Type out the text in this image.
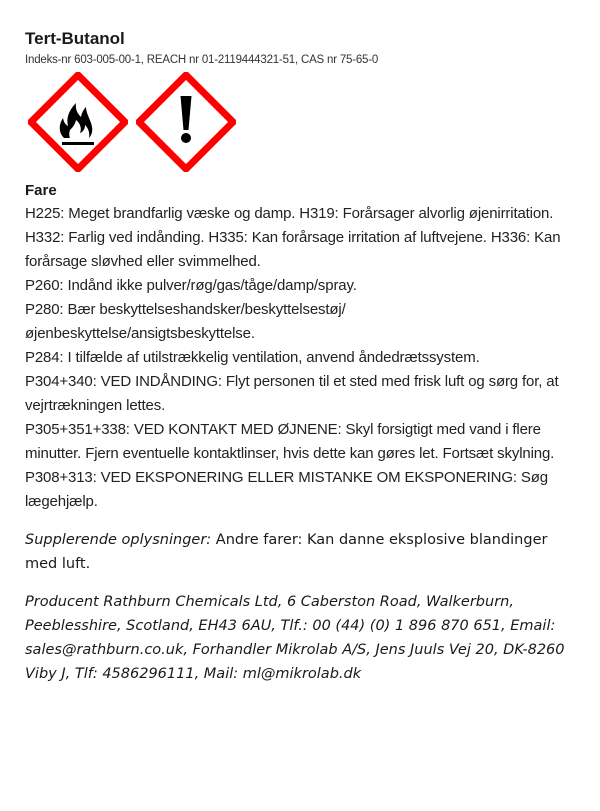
Tert-Butanol
Indeks-nr 603-005-00-1, REACH nr 01-2119444321-51, CAS nr 75-65-0
Fare

H225: Meget brandfarlig væske og damp. H319: Forårsager alvorlig øjenirritation. H332: Farlig ved indånding. H335: Kan forårsage irritation af luftvejene. H336: Kan forårsage sløvhed eller svimmelhed.

P260: Indånd ikke pulver/røg/gas/tåge/damp/spray.

P280: Bær beskyttelseshandsker/beskyttelsestøj/

øjenbeskyttelse/ansigtsbeskyttelse.

P284: I tilfælde af utilstrækkelig ventilation, anvend åndedrætssystem.

P304+340: VED INDÅNDING: Flyt personen til et sted med frisk luft og sørg for, at

vejrtrækningen lettes.

P305+351+338: VED KONTAKT MED ØJNENE: Skyl forsigtigt med vand i flere

minutter. Fjern eventuelle kontaktlinser, hvis dette kan gøres let. Fortsæt skylning.

P308+313: VED EKSPONERING ELLER MISTANKE OM EKSPONERING: Søg lægehjælp.

Supplerende oplysninger: Andre farer: Kan danne eksplosive blandinger med luft.
Producent Rathburn Chemicals Ltd, 6 Caberston Road, Walkerburn, Peeblesshire, Scotland, EH43 6AU, Tlf.: 00 (44) (0) 1 896 870 651, Email: sales@rathburn.co.uk, Forhandler Mikrolab A/S, Jens Juuls Vej 20, DK-8260 Viby J, Tlf: 4586296111, Mail: ml@mikrolab.dk
